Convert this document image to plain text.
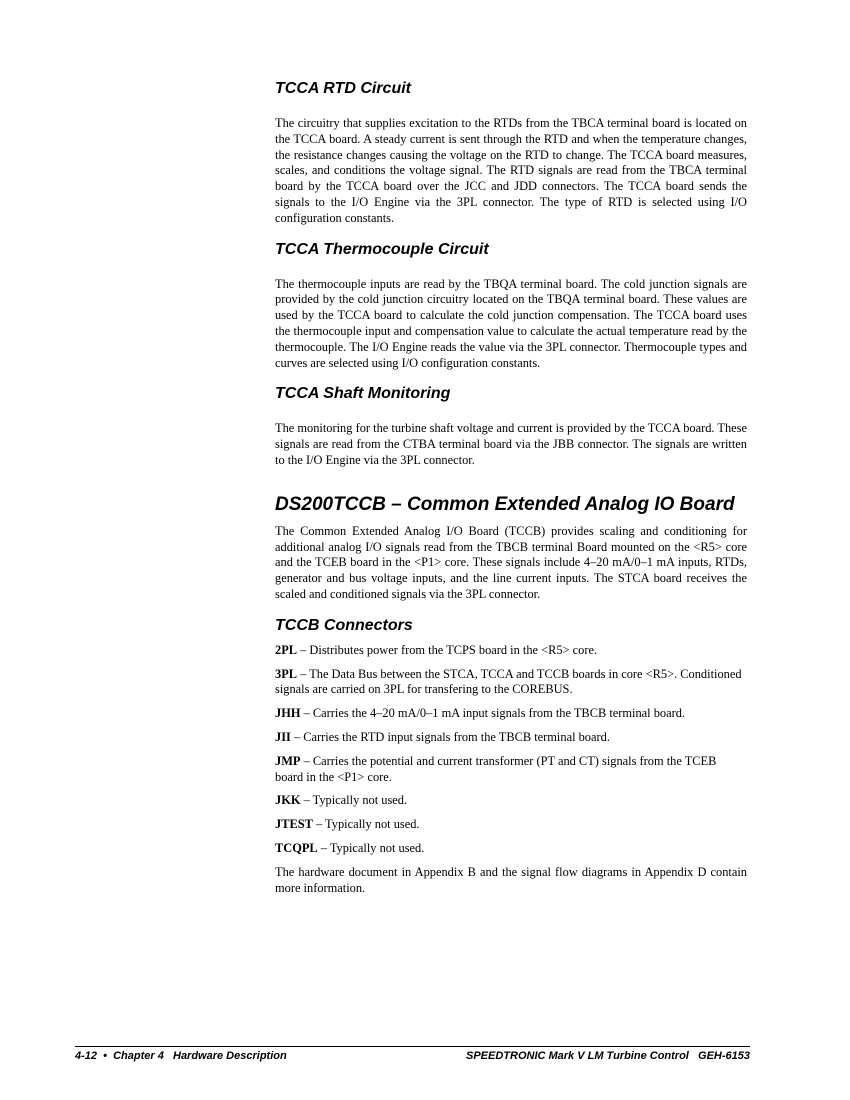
TCCA RTD Circuit

The circuitry that supplies excitation to the RTDs from the TBCA terminal board is located on the TCCA board. A steady current is sent through the RTD and when the temperature changes, the resistance changes causing the voltage on the RTD to change. The TCCA board measures, scales, and conditions the voltage signal. The RTD signals are read from the TBCA terminal board by the TCCA board over the JCC and JDD connectors. The TCCA board sends the signals to the I/O Engine via the 3PL connector. The type of RTD is selected using I/O configuration constants.

TCCA Thermocouple Circuit

The thermocouple inputs are read by the TBQA terminal board. The cold junction signals are provided by the cold junction circuitry located on the TBQA terminal board. These values are used by the TCCA board to calculate the cold junction compensation. The TCCA board uses the thermocouple input and compensation value to calculate the actual temperature read by the thermocouple. The I/O Engine reads the value via the 3PL connector. Thermocouple types and curves are selected using I/O configuration constants.

TCCA Shaft Monitoring

The monitoring for the turbine shaft voltage and current is provided by the TCCA board. These signals are read from the CTBA terminal board via the JBB connector. The signals are written to the I/O Engine via the 3PL connector.

DS200TCCB – Common Extended Analog IO Board

The Common Extended Analog I/O Board (TCCB) provides scaling and conditioning for additional analog I/O signals read from the TBCB terminal Board mounted on the <R5> core and the TCEB board in the <P1> core. These signals include 4–20 mA/0–1 mA inputs, RTDs, generator and bus voltage inputs, and the line current inputs. The STCA board receives the scaled and conditioned signals via the 3PL connector.

TCCB Connectors

2PL – Distributes power from the TCPS board in the <R5> core.

3PL – The Data Bus between the STCA, TCCA and TCCB boards in core <R5>. Conditioned signals are carried on 3PL for transfering to the COREBUS.

JHH – Carries the 4–20 mA/0–1 mA input signals from the TBCB terminal board.

JII – Carries the RTD input signals from the TBCB terminal board.

JMP – Carries the potential and current transformer (PT and CT) signals from the TCEB board in the <P1> core.

JKK – Typically not used.

JTEST – Typically not used.

TCQPL – Typically not used.

The hardware document in Appendix B and the signal flow diagrams in Appendix D contain more information.

4-12  •  Chapter 4   Hardware Description	SPEEDTRONIC Mark V LM Turbine Control   GEH-6153
